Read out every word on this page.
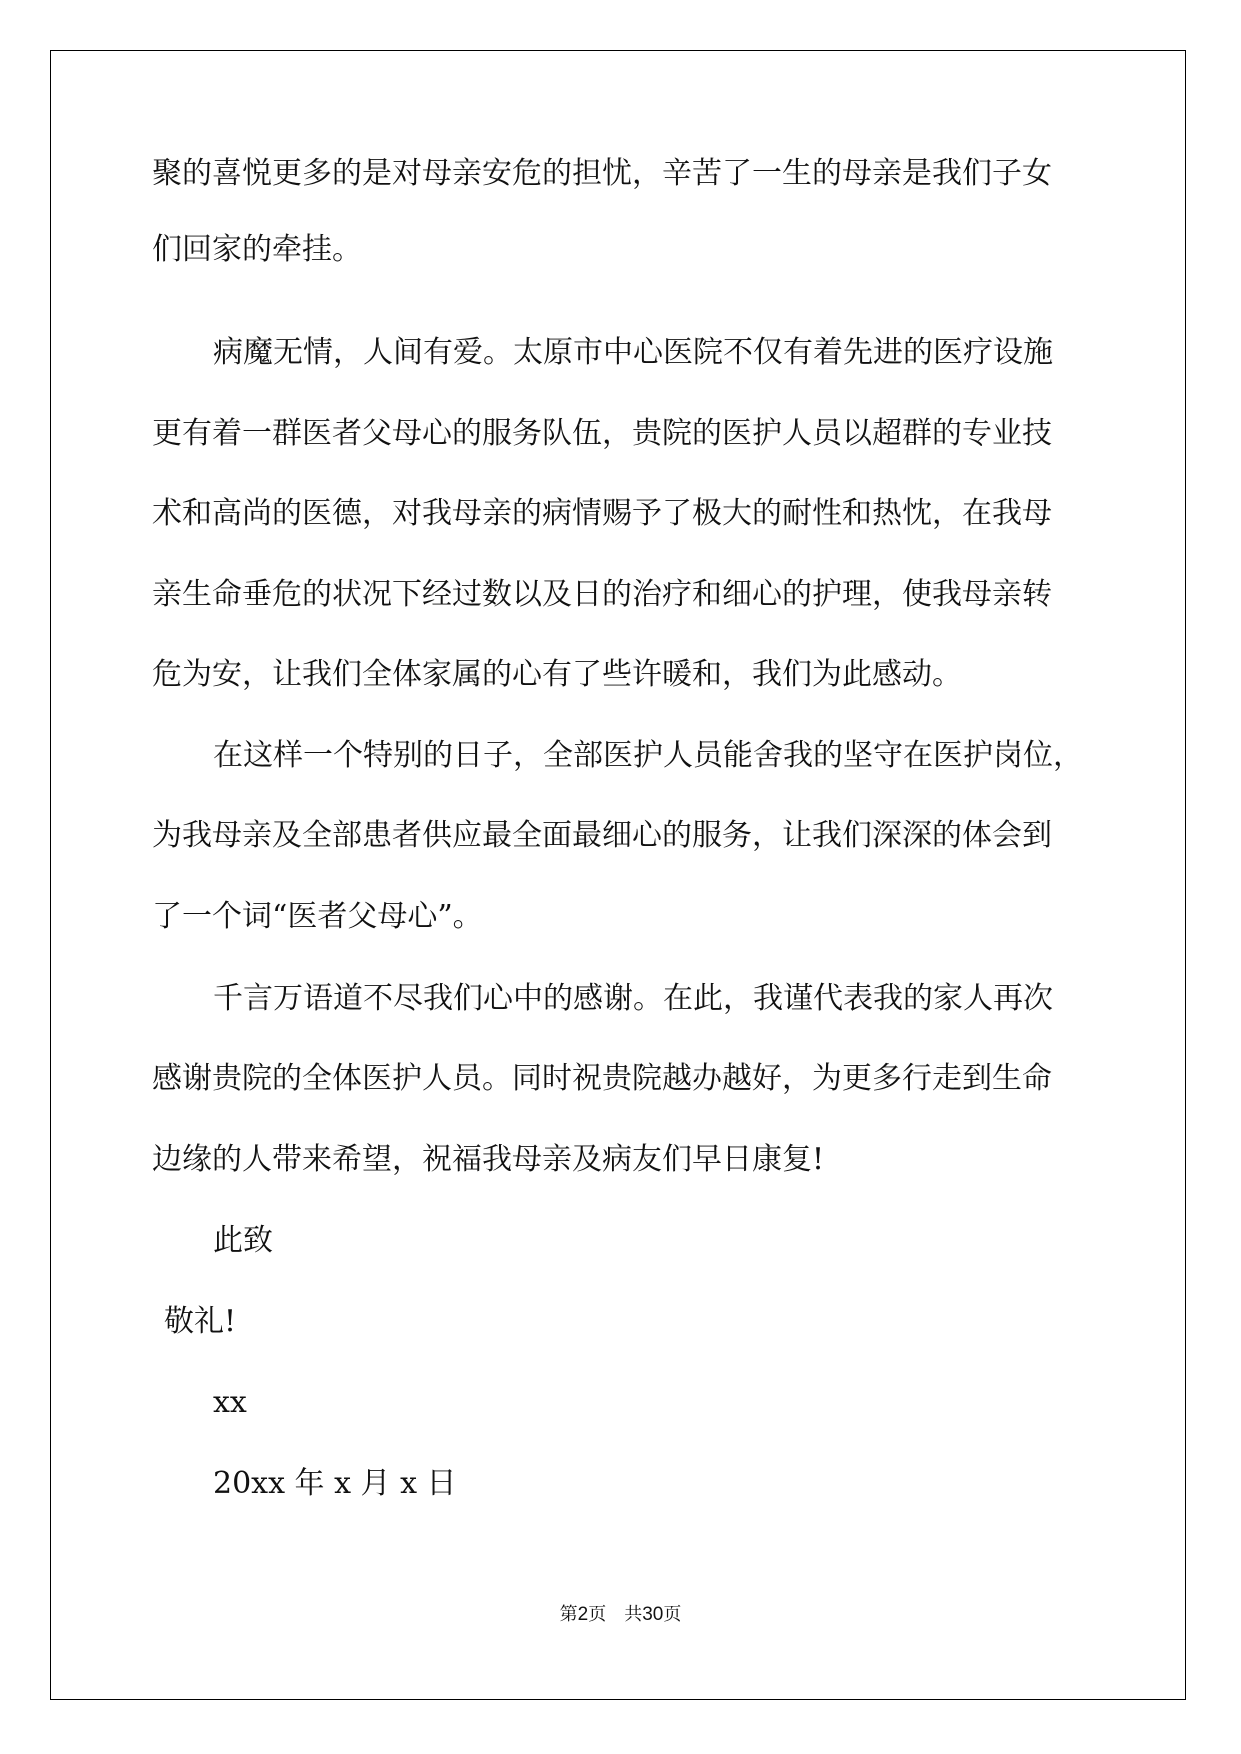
聚的喜悦更多的是对母亲安危的担忧，辛苦了一生的母亲是我们子女

们回家的牵挂。

病魔无情，人间有爱。太原市中心医院不仅有着先进的医疗设施

更有着一群医者父母心的服务队伍，贵院的医护人员以超群的专业技

术和高尚的医德，对我母亲的病情赐予了极大的耐性和热忱，在我母

亲生命垂危的状况下经过数以及日的治疗和细心的护理，使我母亲转

危为安，让我们全体家属的心有了些许暖和，我们为此感动。

在这样一个特别的日子，全部医护人员能舍我的坚守在医护岗位，

为我母亲及全部患者供应最全面最细心的服务，让我们深深的体会到

了一个词“医者父母心”。

千言万语道不尽我们心中的感谢。在此，我谨代表我的家人再次

感谢贵院的全体医护人员。同时祝贵院越办越好，为更多行走到生命

边缘的人带来希望，祝福我母亲及病友们早日康复!

此致

敬礼!

xx

20xx 年 x 月 x 日

第2页 共30页
